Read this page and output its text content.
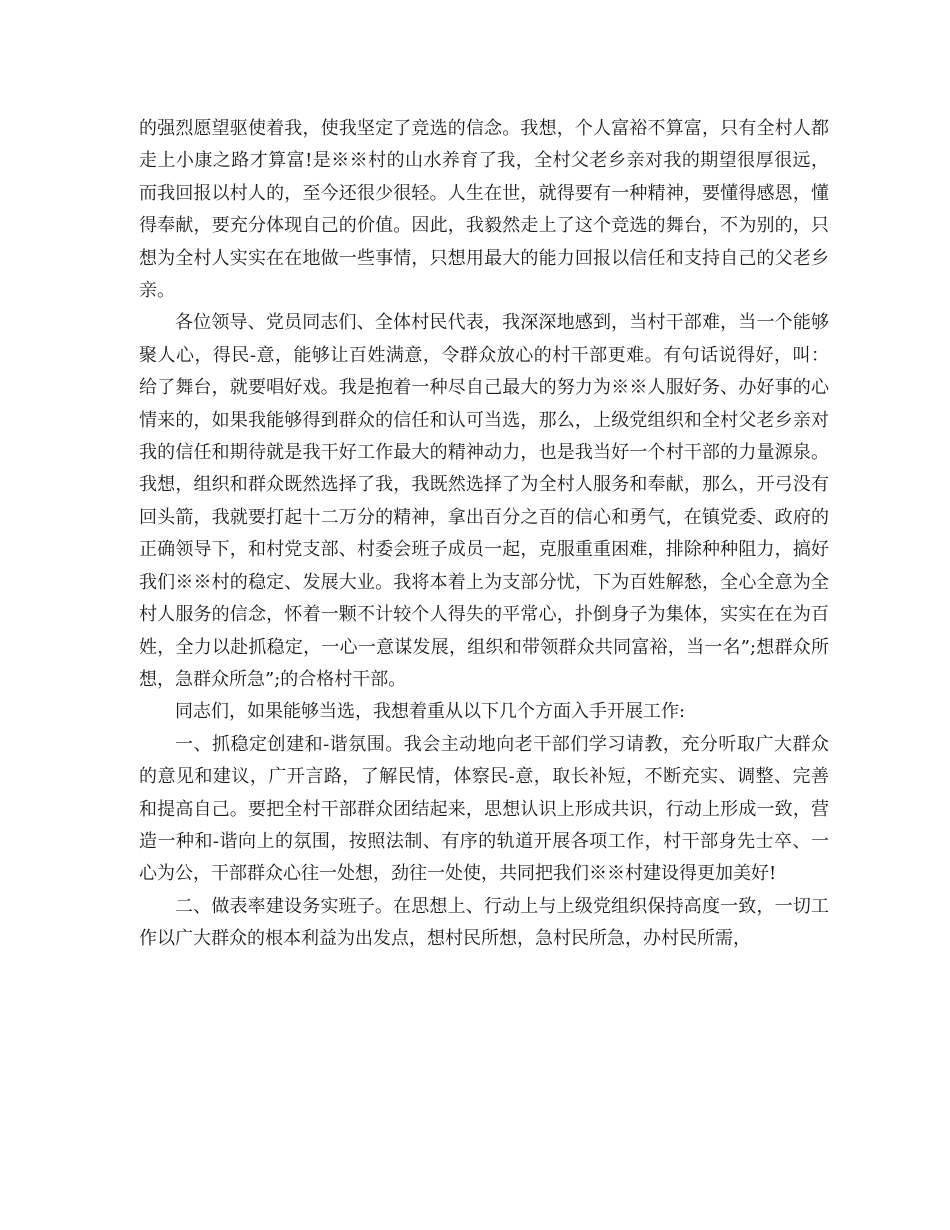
的强烈愿望驱使着我，使我坚定了竞选的信念。我想，个人富裕不算富，只有全村人都走上小康之路才算富!是※※村的山水养育了我，全村父老乡亲对我的期望很厚很远，而我回报以村人的，至今还很少很轻。人生在世，就得要有一种精神，要懂得感恩，懂得奉献，要充分体现自己的价值。因此，我毅然走上了这个竞选的舞台，不为别的，只想为全村人实实在在地做一些事情，只想用最大的能力回报以信任和支持自己的父老乡亲。

各位领导、党员同志们、全体村民代表，我深深地感到，当村干部难，当一个能够聚人心，得民-意，能够让百姓满意，令群众放心的村干部更难。有句话说得好，叫：给了舞台，就要唱好戏。我是抱着一种尽自己最大的努力为※※人服好务、办好事的心情来的，如果我能够得到群众的信任和认可当选，那么，上级党组织和全村父老乡亲对我的信任和期待就是我干好工作最大的精神动力，也是我当好一个村干部的力量源泉。我想，组织和群众既然选择了我，我既然选择了为全村人服务和奉献，那么，开弓没有回头箭，我就要打起十二万分的精神，拿出百分之百的信心和勇气，在镇党委、政府的正确领导下，和村党支部、村委会班子成员一起，克服重重困难，排除种种阻力，搞好我们※※村的稳定、发展大业。我将本着上为支部分忧，下为百姓解愁，全心全意为全村人服务的信念，怀着一颗不计较个人得失的平常心，扑倒身子为集体，实实在在为百姓，全力以赴抓稳定，一心一意谋发展，组织和带领群众共同富裕，当一名”;想群众所想，急群众所急”;的合格村干部。

同志们，如果能够当选，我想着重从以下几个方面入手开展工作:

一、抓稳定创建和-谐氛围。我会主动地向老干部们学习请教，充分听取广大群众的意见和建议，广开言路，了解民情，体察民-意，取长补短，不断充实、调整、完善和提高自己。要把全村干部群众团结起来，思想认识上形成共识，行动上形成一致，营造一种和-谐向上的氛围，按照法制、有序的轨道开展各项工作，村干部身先士卒、一心为公，干部群众心往一处想，劲往一处使，共同把我们※※村建设得更加美好!

二、做表率建设务实班子。在思想上、行动上与上级党组织保持高度一致，一切工作以广大群众的根本利益为出发点，想村民所想，急村民所急，办村民所需，
